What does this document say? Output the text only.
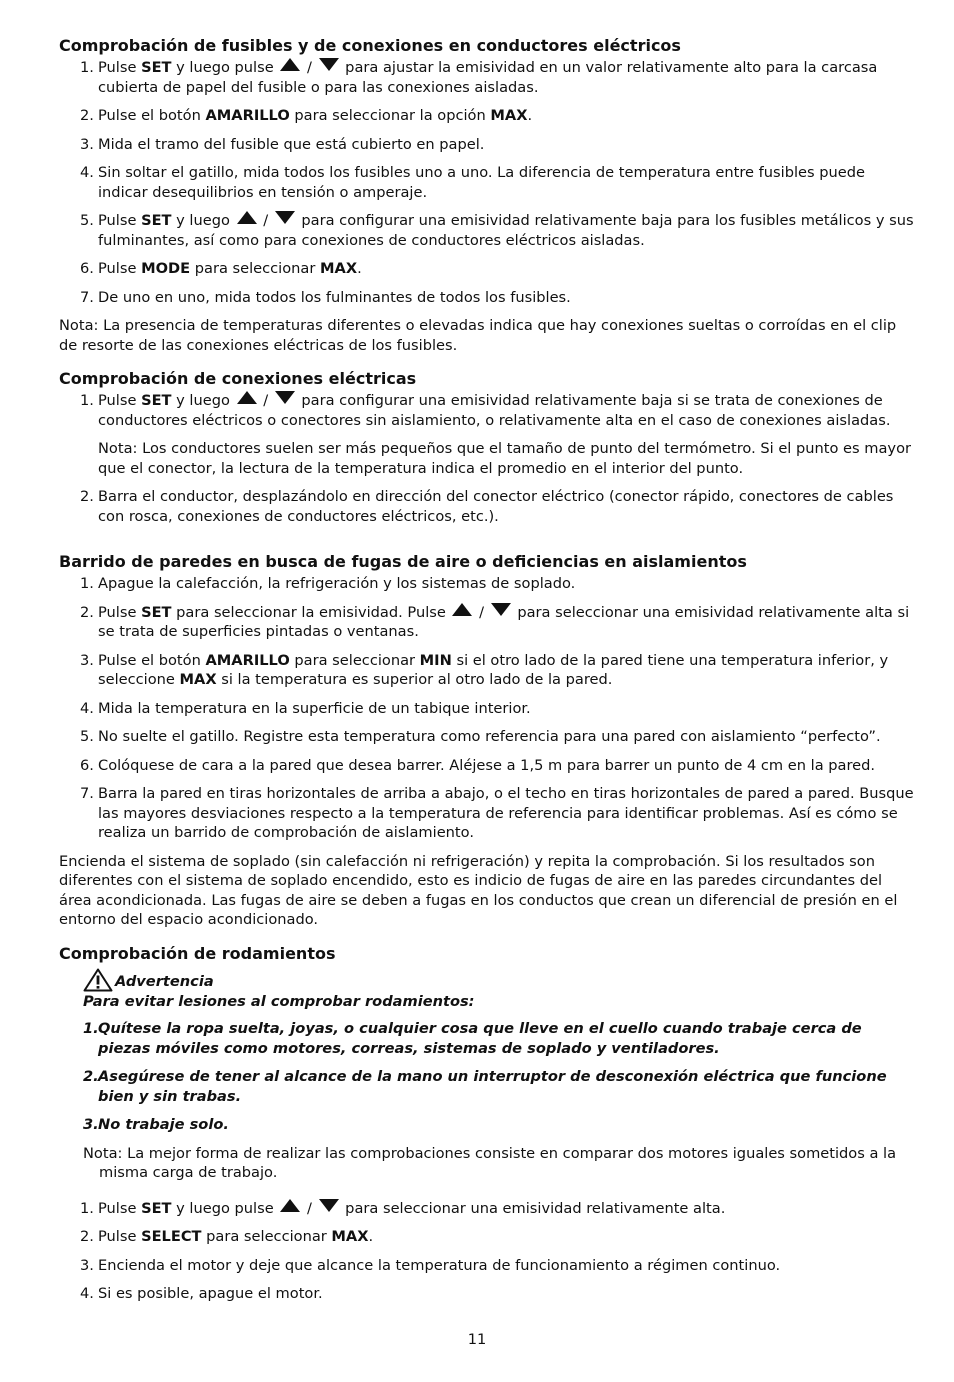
Comprobación de fusibles y de conexiones en conductores eléctricos
1. Pulse SET y luego pulse  /  para ajustar la emisividad en un valor relativamente alto para la carcasa cubierta de papel del fusible o para las conexiones aisladas.
2. Pulse el botón AMARILLO para seleccionar la opción MAX.
3. Mida el tramo del fusible que está cubierto en papel.
4. Sin soltar el gatillo, mida todos los fusibles uno a uno. La diferencia de temperatura entre fusibles puede indicar desequilibrios en tensión o amperaje.
5. Pulse SET y luego  /  para configurar una emisividad relativamente baja para los fusibles metálicos y sus fulminantes, así como para conexiones de conductores eléctricos aisladas.
6. Pulse MODE para seleccionar MAX.
7. De uno en uno, mida todos los fulminantes de todos los fusibles.

Nota: La presencia de temperaturas diferentes o elevadas indica que hay conexiones sueltas o corroídas en el clip de resorte de las conexiones eléctricas de los fusibles.

Comprobación de conexiones eléctricas
1. Pulse SET y luego  /  para configurar una emisividad relativamente baja si se trata de conexiones de conductores eléctricos o conectores sin aislamiento, o relativamente alta en el caso de conexiones aisladas.
Nota: Los conductores suelen ser más pequeños que el tamaño de punto del termómetro. Si el punto es mayor que el conector, la lectura de la temperatura indica el promedio en el interior del punto.
2. Barra el conductor, desplazándolo en dirección del conector eléctrico (conector rápido, conectores de cables con rosca, conexiones de conductores eléctricos, etc.).
Barrido de paredes en busca de fugas de aire o deficiencias en aislamientos
1. Apague la calefacción, la refrigeración y los sistemas de soplado.
2. Pulse SET para seleccionar la emisividad. Pulse  /  para seleccionar una emisividad relativamente alta si se trata de superficies pintadas o ventanas.
3. Pulse el botón AMARILLO para seleccionar MIN si el otro lado de la pared tiene una temperatura inferior, y seleccione MAX si la temperatura es superior al otro lado de la pared.
4. Mida la temperatura en la superficie de un tabique interior.
5. No suelte el gatillo. Registre esta temperatura como referencia para una pared con aislamiento “perfecto”.
6. Colóquese de cara a la pared que desea barrer. Aléjese a 1,5 m para barrer un punto de 4 cm en la pared.
7. Barra la pared en tiras horizontales de arriba a abajo, o el techo en tiras horizontales de pared a pared. Busque las mayores desviaciones respecto a la temperatura de referencia para identificar problemas. Así es cómo se realiza un barrido de comprobación de aislamiento.

Encienda el sistema de soplado (sin calefacción ni refrigeración) y repita la comprobación. Si los resultados son diferentes con el sistema de soplado encendido, esto es indicio de fugas de aire en las paredes circundantes del área acondicionada. Las fugas de aire se deben a fugas en los conductos que crean un diferencial de presión en el entorno del espacio acondicionado.

Comprobación de rodamientos
Advertencia
Para evitar lesiones al comprobar rodamientos:
1. Quítese la ropa suelta, joyas, o cualquier cosa que lleve en el cuello cuando trabaje cerca de piezas móviles como motores, correas, sistemas de soplado y ventiladores.
2. Asegúrese de tener al alcance de la mano un interruptor de desconexión eléctrica que funcione bien y sin trabas.
3. No trabaje solo.

Nota: La mejor forma de realizar las comprobaciones consiste en comparar dos motores iguales sometidos a la misma carga de trabajo.

1. Pulse SET y luego pulse  /  para seleccionar una emisividad relativamente alta.
2. Pulse SELECT para seleccionar MAX.
3. Encienda el motor y deje que alcance la temperatura de funcionamiento a régimen continuo.
4. Si es posible, apague el motor.
11
